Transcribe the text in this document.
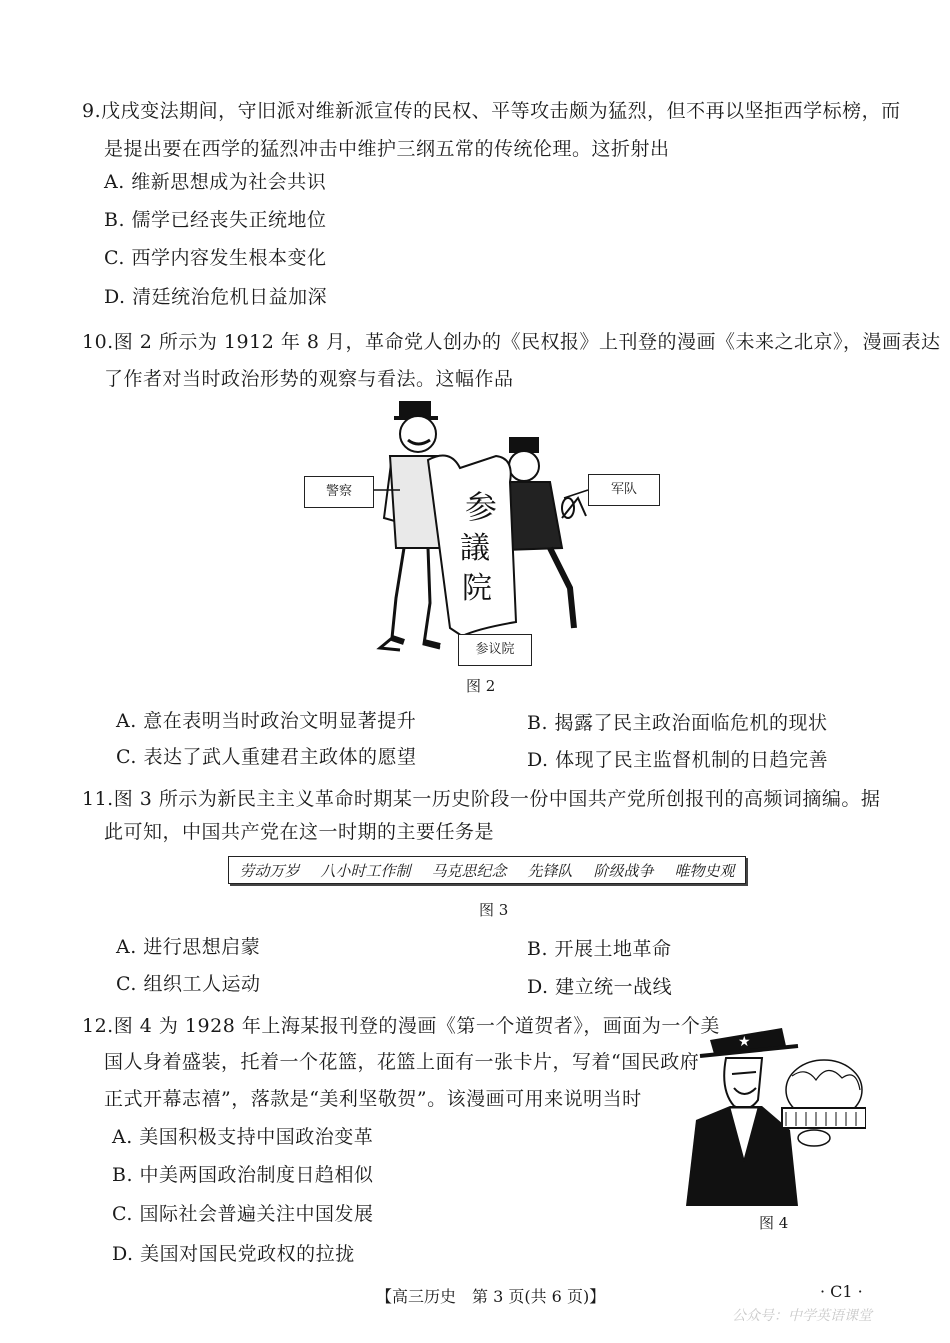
9.戊戌变法期间，守旧派对维新派宣传的民权、平等攻击颇为猛烈，但不再以坚拒西学标榜，而
是提出要在西学的猛烈冲击中维护三纲五常的传统伦理。这折射出
A. 维新思想成为社会共识
B. 儒学已经丧失正统地位
C. 西学内容发生根本变化
D. 清廷统治危机日益加深
10.图 2 所示为 1912 年 8 月，革命党人创办的《民权报》上刊登的漫画《未来之北京》，漫画表达
了作者对当时政治形势的观察与看法。这幅作品
参
議
院
警察	军队
参议院
图 2
A. 意在表明当时政治文明显著提升	B. 揭露了民主政治面临危机的现状
C. 表达了武人重建君主政体的愿望	D. 体现了民主监督机制的日趋完善
11.图 3 所示为新民主主义革命时期某一历史阶段一份中国共产党所创报刊的高频词摘编。据
此可知，中国共产党在这一时期的主要任务是
劳动万岁 八小时工作制 马克思纪念 先锋队 阶级战争 唯物史观
图 3
A. 进行思想启蒙	B. 开展土地革命
C. 组织工人运动	D. 建立统一战线
12.图 4 为 1928 年上海某报刊登的漫画《第一个道贺者》，画面为一个美
国人身着盛装，托着一个花篮，花篮上面有一张卡片，写着“国民政府
正式开幕志禧”，落款是“美利坚敬贺”。该漫画可用来说明当时
A. 美国积极支持中国政治变革
B. 中美两国政治制度日趋相似
C. 国际社会普遍关注中国发展
D. 美国对国民党政权的拉拢
★
图 4
【高三历史　第 3 页(共 6 页)】	· C1 ·
公众号：中学英语课堂
